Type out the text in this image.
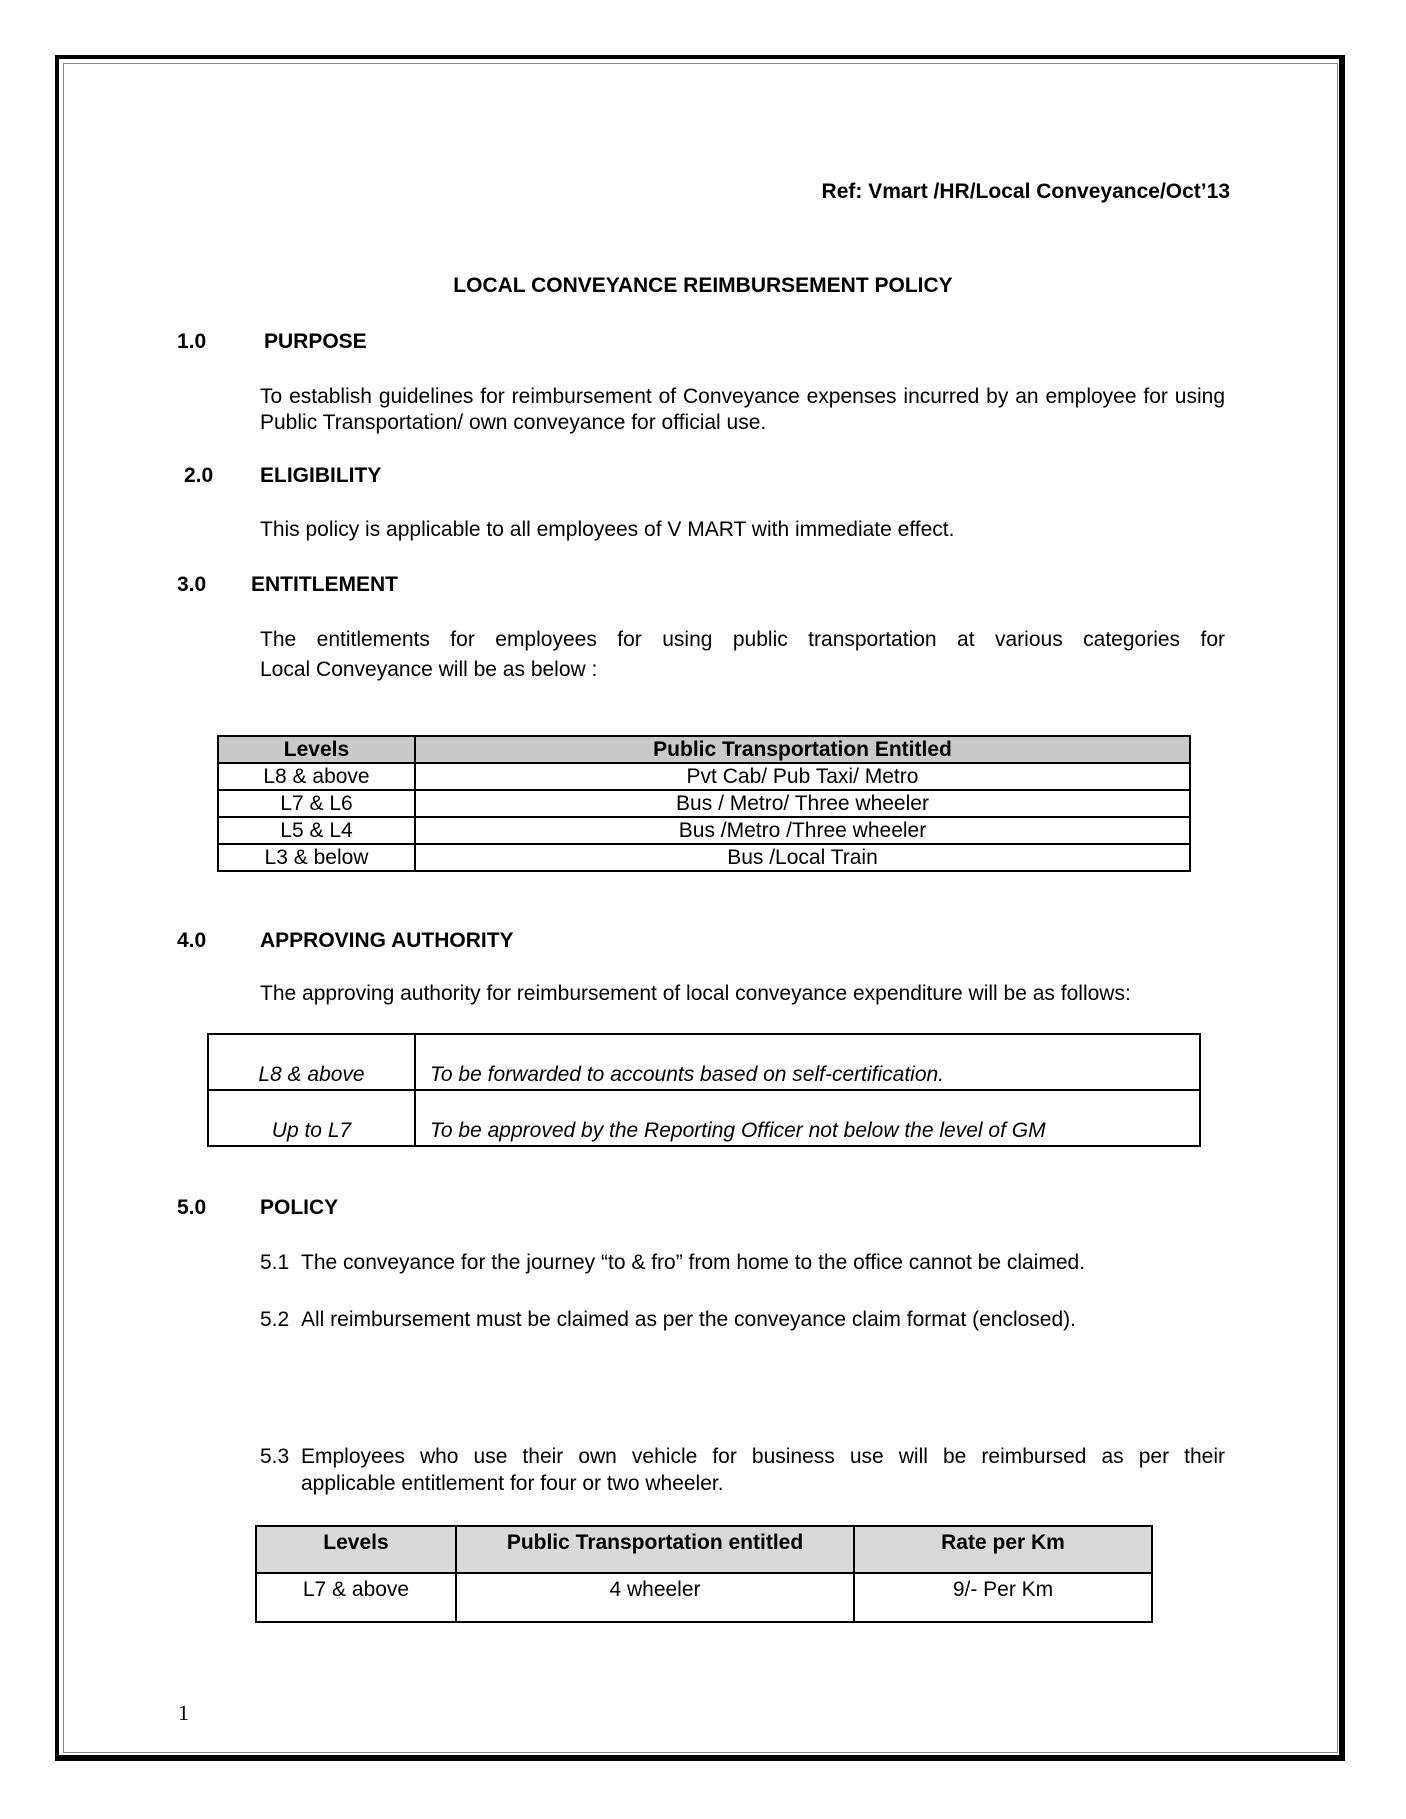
Ref: Vmart /HR/Local Conveyance/Oct’13
LOCAL CONVEYANCE REIMBURSEMENT POLICY
1.0	PURPOSE
To establish guidelines for reimbursement of Conveyance expenses incurred by an employee for using Public Transportation/ own conveyance for official use.
2.0 ELIGIBILITY
This policy is applicable to all employees of V MART with immediate effect.
3.0 ENTITLEMENT
The entitlements for employees for using public transportation at various categories for
Local Conveyance will be as below :
Levels	Public Transportation Entitled
L8 & above	Pvt Cab/ Pub Taxi/ Metro
L7 & L6	Bus / Metro/ Three wheeler
L5 & L4	Bus /Metro /Three wheeler
L3 & below	Bus /Local Train
4.0	APPROVING AUTHORITY
The approving authority for reimbursement of local conveyance expenditure will be as follows:
L8 & above	To be forwarded to accounts based on self-certification.
Up to L7	To be approved by the Reporting Officer not below the level of GM
5.0	POLICY
5.1 The conveyance for the journey “to & fro” from home to the office cannot be claimed.
5.2 All reimbursement must be claimed as per the conveyance claim format (enclosed).
5.3 Employees who use their own vehicle for business use will be reimbursed as per their
applicable entitlement for four or two wheeler.
Levels	Public Transportation entitled	Rate per Km
L7 & above	4 wheeler	9/- Per Km
1
